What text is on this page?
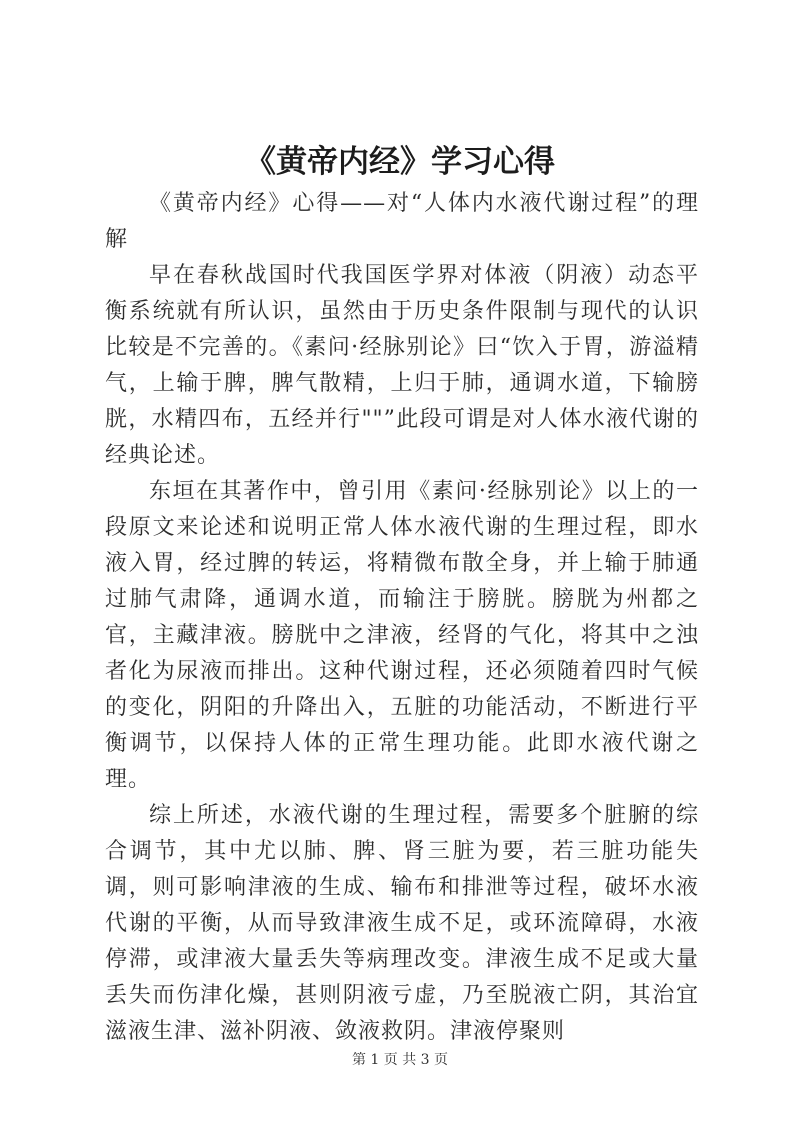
《黄帝内经》学习心得

《黄帝内经》心得——对“人体内水液代谢过程”的理解

早在春秋战国时代我国医学界对体液（阴液）动态平衡系统就有所认识，虽然由于历史条件限制与现代的认识比较是不完善的。《素问·经脉别论》曰“饮入于胃，游溢精气，上输于脾，脾气散精，上归于肺，通调水道，下输膀胱，水精四布，五经并行""”此段可谓是对人体水液代谢的经典论述。

东垣在其著作中，曾引用《素问·经脉别论》以上的一段原文来论述和说明正常人体水液代谢的生理过程，即水液入胃，经过脾的转运，将精微布散全身，并上输于肺通过肺气肃降，通调水道，而输注于膀胱。膀胱为州都之官，主藏津液。膀胱中之津液，经肾的气化，将其中之浊者化为尿液而排出。这种代谢过程，还必须随着四时气候的变化，阴阳的升降出入，五脏的功能活动，不断进行平衡调节，以保持人体的正常生理功能。此即水液代谢之理。

综上所述，水液代谢的生理过程，需要多个脏腑的综合调节，其中尤以肺、脾、肾三脏为要，若三脏功能失调，则可影响津液的生成、输布和排泄等过程，破坏水液代谢的平衡，从而导致津液生成不足，或环流障碍，水液停滞，或津液大量丢失等病理改变。津液生成不足或大量丢失而伤津化燥，甚则阴液亏虚，乃至脱液亡阴，其治宜滋液生津、滋补阴液、敛液救阴。津液停聚则

第 1 页 共 3 页
